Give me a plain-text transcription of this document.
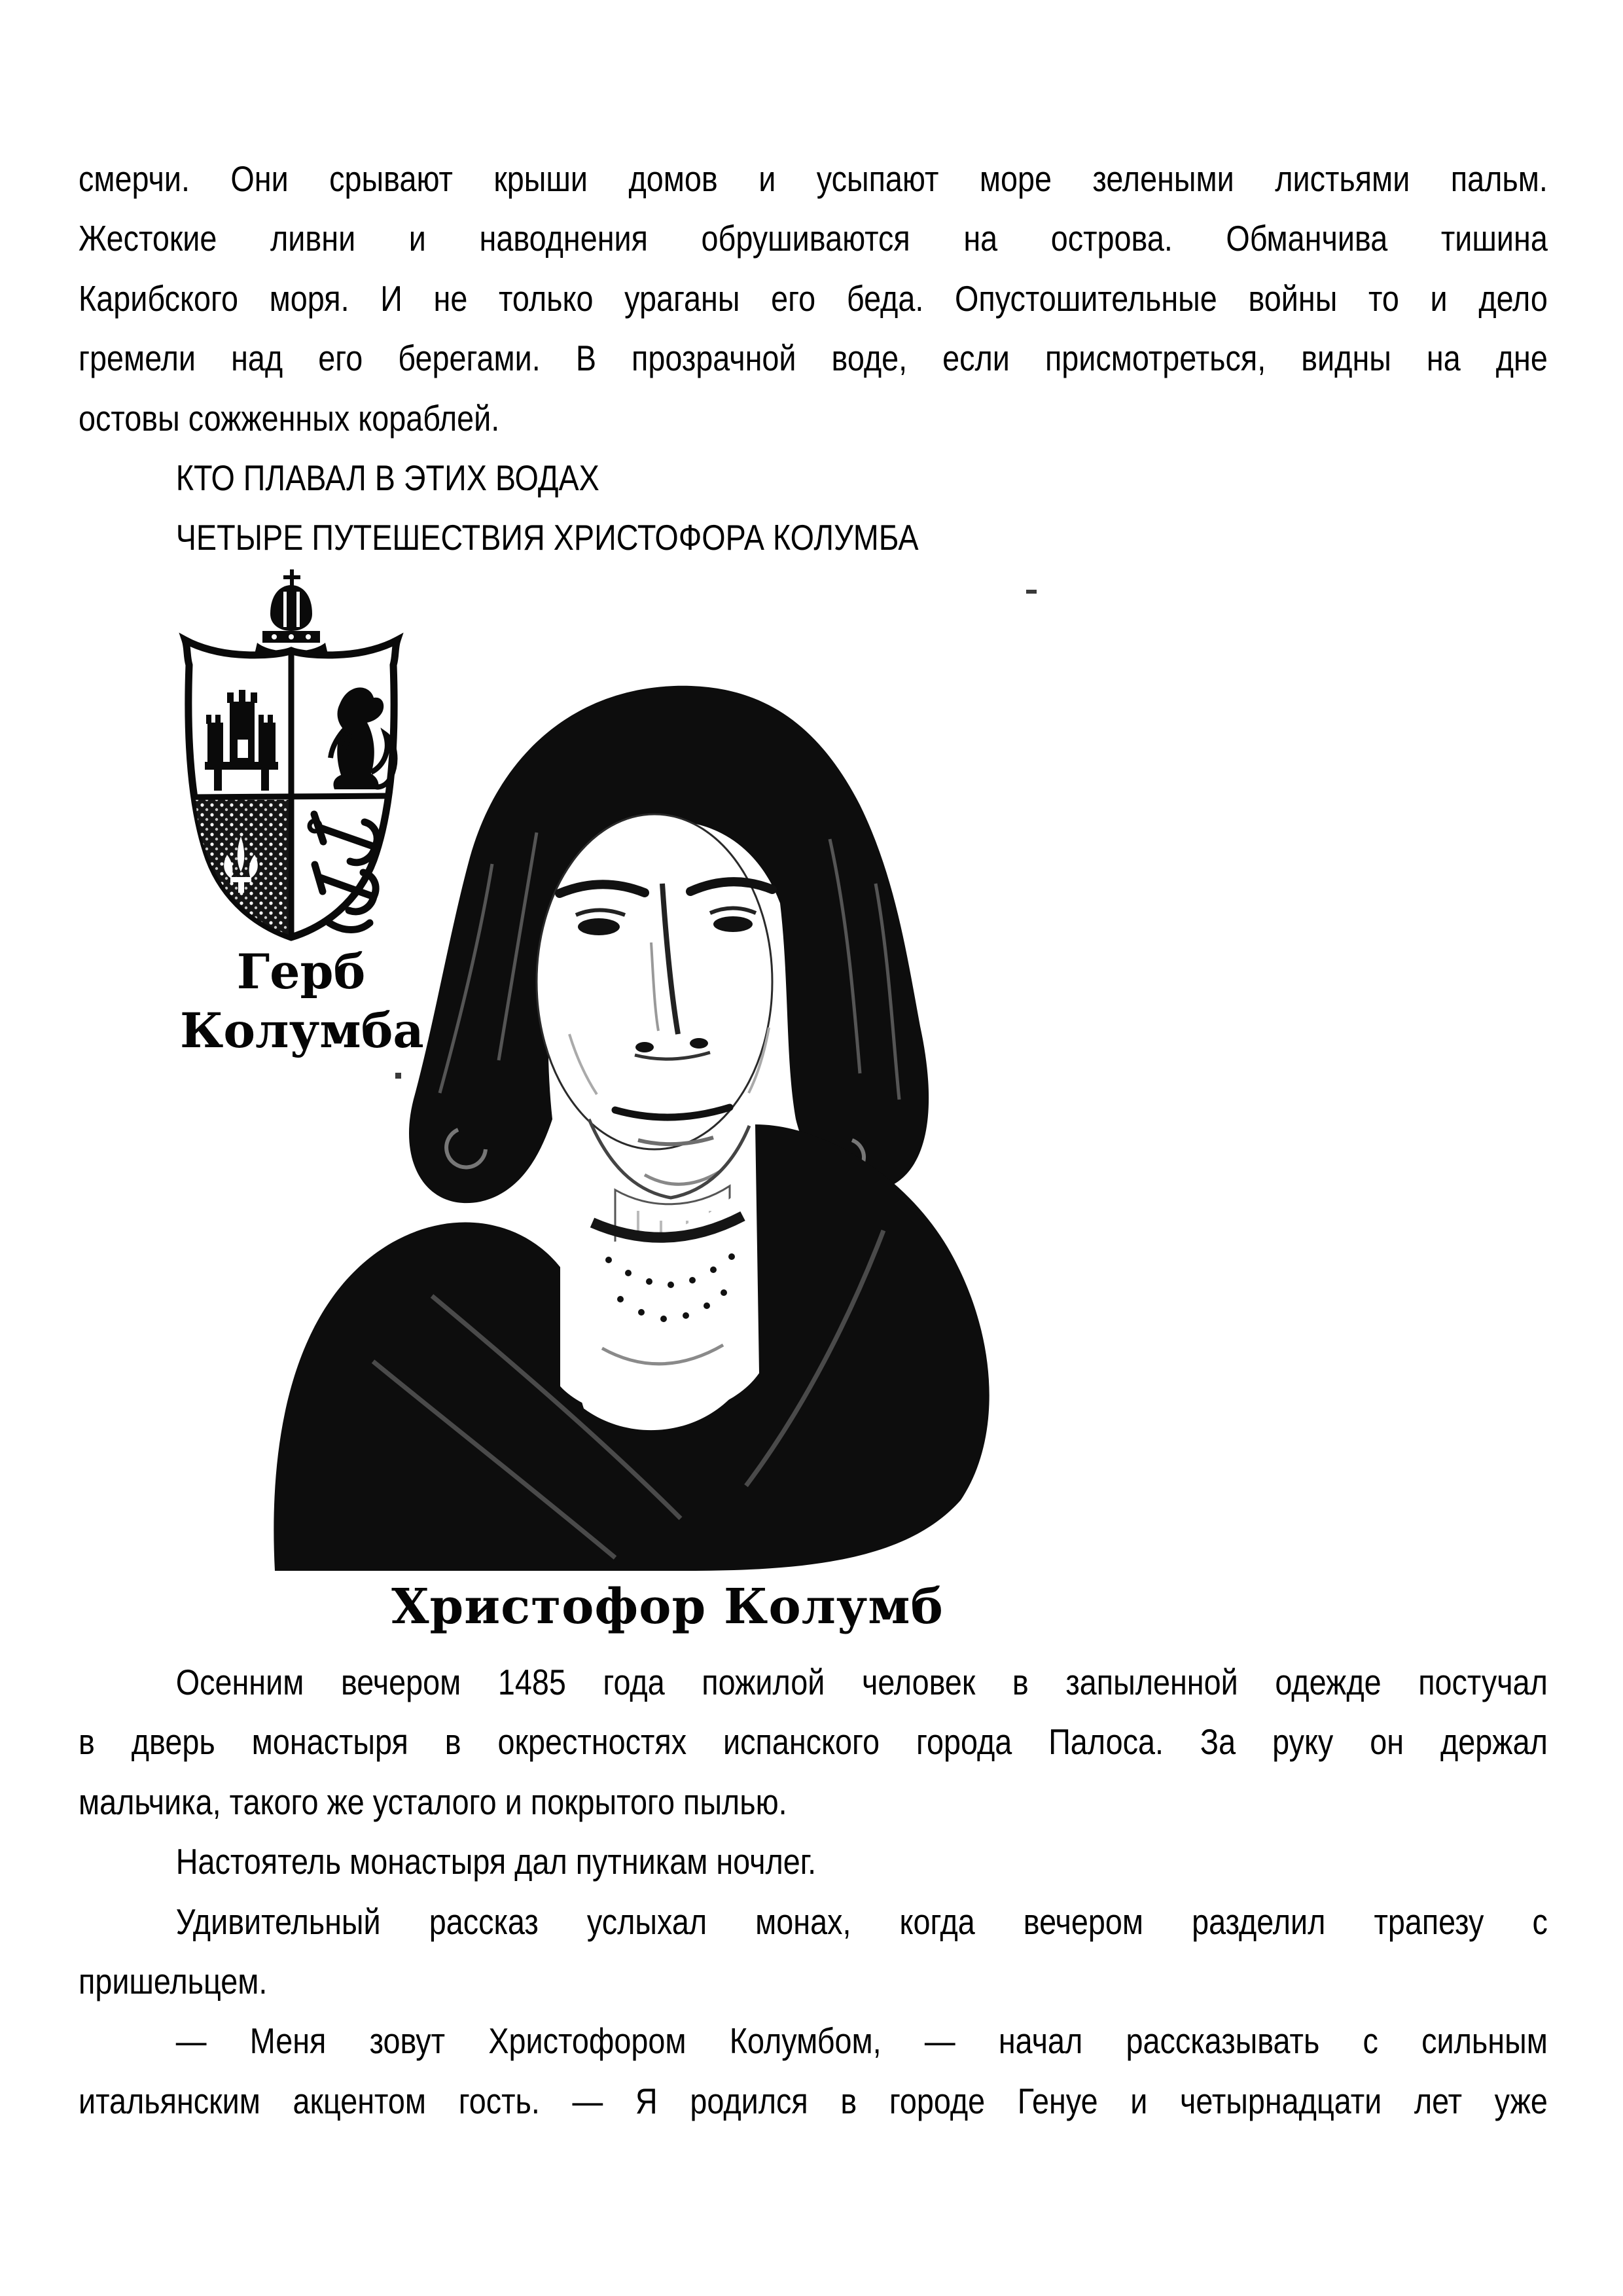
смерчи. Они срывают крыши домов и усыпают море зелеными листьями пальм.
Жестокие ливни и наводнения обрушиваются на острова. Обманчива тишина
Карибского моря. И не только ураганы его беда. Опустошительные войны то и дело
гремели над его берегами. В прозрачной воде, если присмотреться, видны на дне
остовы сожженных кораблей.
КТО ПЛАВАЛ В ЭТИХ ВОДАХ
ЧЕТЫРЕ ПУТЕШЕСТВИЯ ХРИСТОФОРА КОЛУМБА
Герб
Колумба
Христофор Колумб
Осенним вечером 1485 года пожилой человек в запыленной одежде постучал
в дверь монастыря в окрестностях испанского города Палоса. За руку он держал
мальчика, такого же усталого и покрытого пылью.
Настоятель монастыря дал путникам ночлег.
Удивительный рассказ услыхал монах, когда вечером разделил трапезу с
пришельцем.
— Меня зовут Христофором Колумбом, — начал рассказывать с сильным
итальянским акцентом гость. — Я родился в городе Генуе и четырнадцати лет уже
